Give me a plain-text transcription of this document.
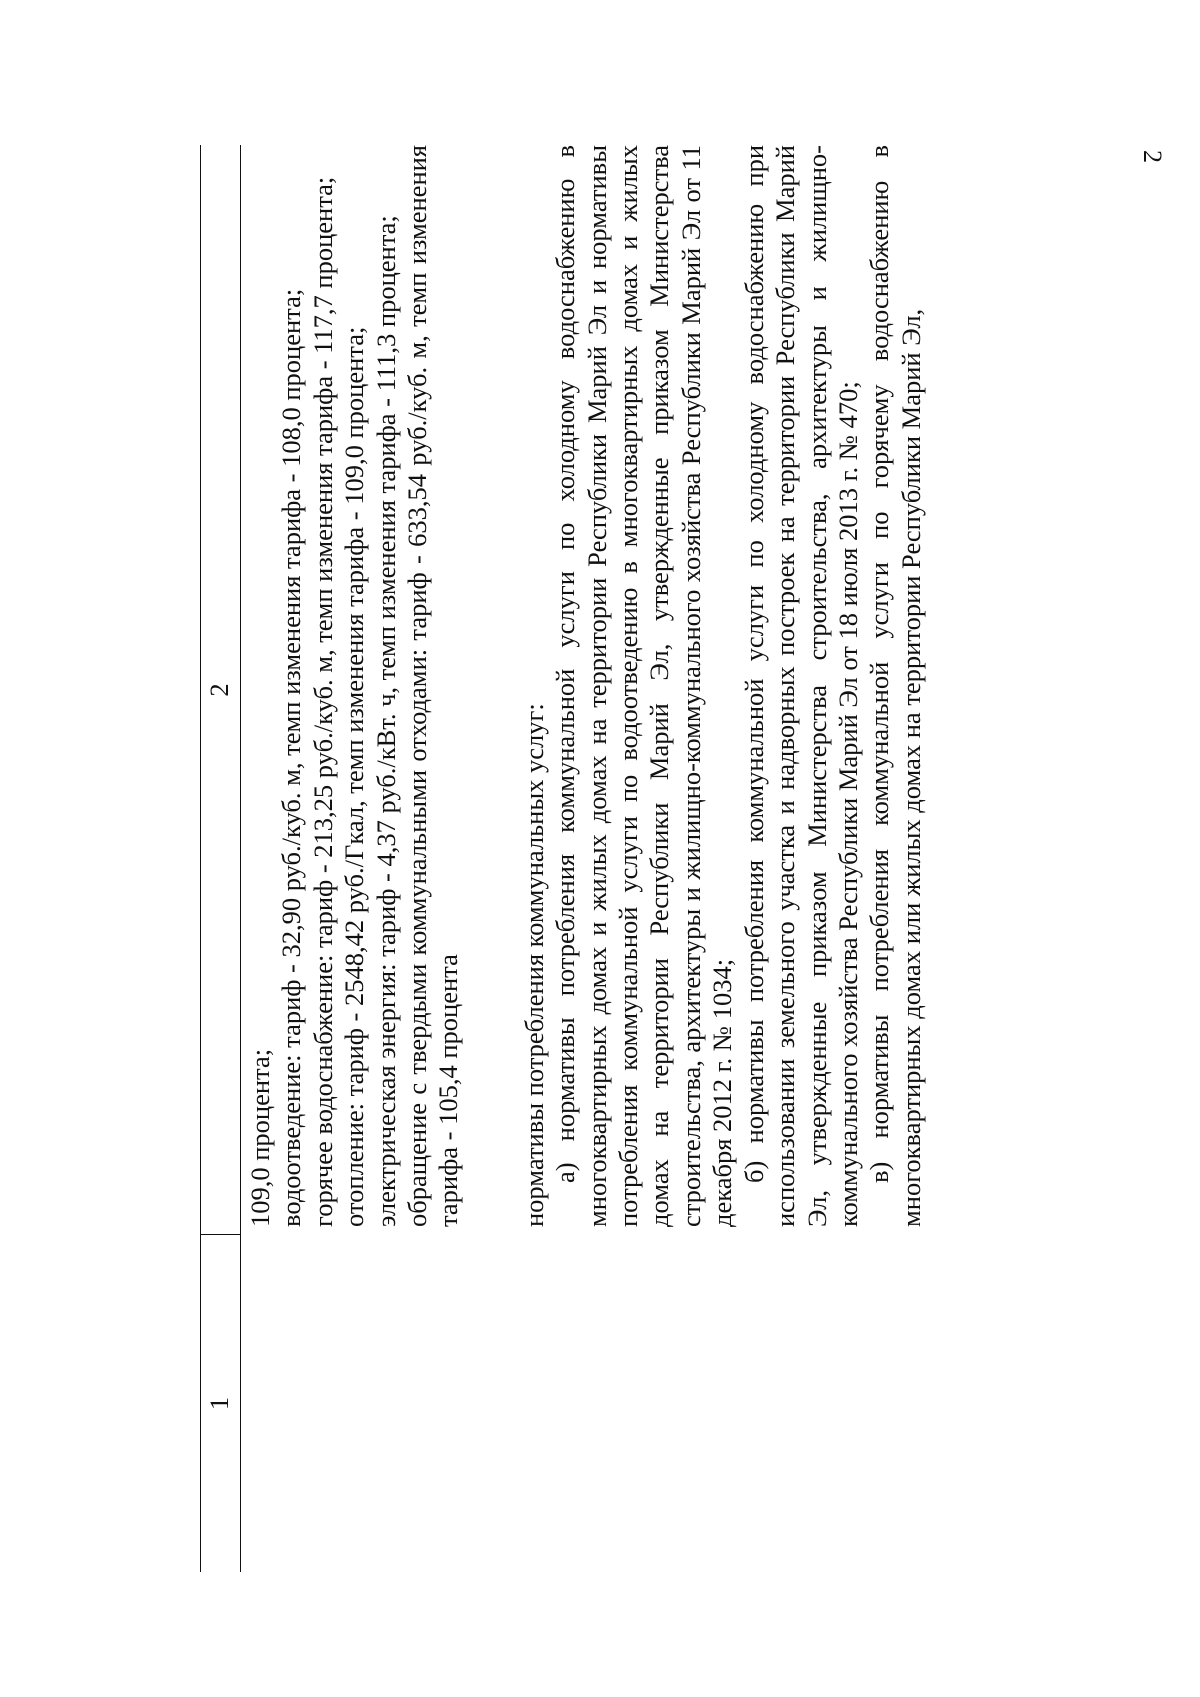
2
1
2

109,0 процента; водоотведение: тариф - 32,90 руб./куб. м, темп изменения тарифа - 108,0 процента; горячее водоснабжение: тариф - 213,25 руб./куб. м, темп изменения тарифа - 117,7 процента; отопление: тариф - 2548,42 руб./Гкал, темп изменения тарифа - 109,0 процента; электрическая энергия: тариф - 4,37 руб./кВт. ч, темп изменения тарифа - 111,3 процента; обращение с твердыми коммунальными отходами: тариф - 633,54 руб./куб. м, темп изменения тарифа - 105,4 процента нормативы потребления коммунальных услуг: а) нормативы потребления коммунальной услуги по холодному водоснабжению в многоквартирных домах и жилых домах на территории Республики Марий Эл и нормативы потребления коммунальной услуги по водоотведению в многоквартирных домах и жилых домах на территории Республики Марий Эл, утвержденные приказом Министерства строительства, архитектуры и жилищно-коммунального хозяйства Республики Марий Эл от 11 декабря 2012 г. № 1034; б) нормативы потребления коммунальной услуги по холодному водоснабжению при использовании земельного участка и надворных построек на территории Республики Марий Эл, утвержденные приказом Министерства строительства, архитектуры и жилищно-коммунального хозяйства Республики Марий Эл от 18 июля 2013 г. № 470; в) нормативы потребления коммунальной услуги по горячему водоснабжению в многоквартирных домах или жилых домах на территории Республики Марий Эл,
